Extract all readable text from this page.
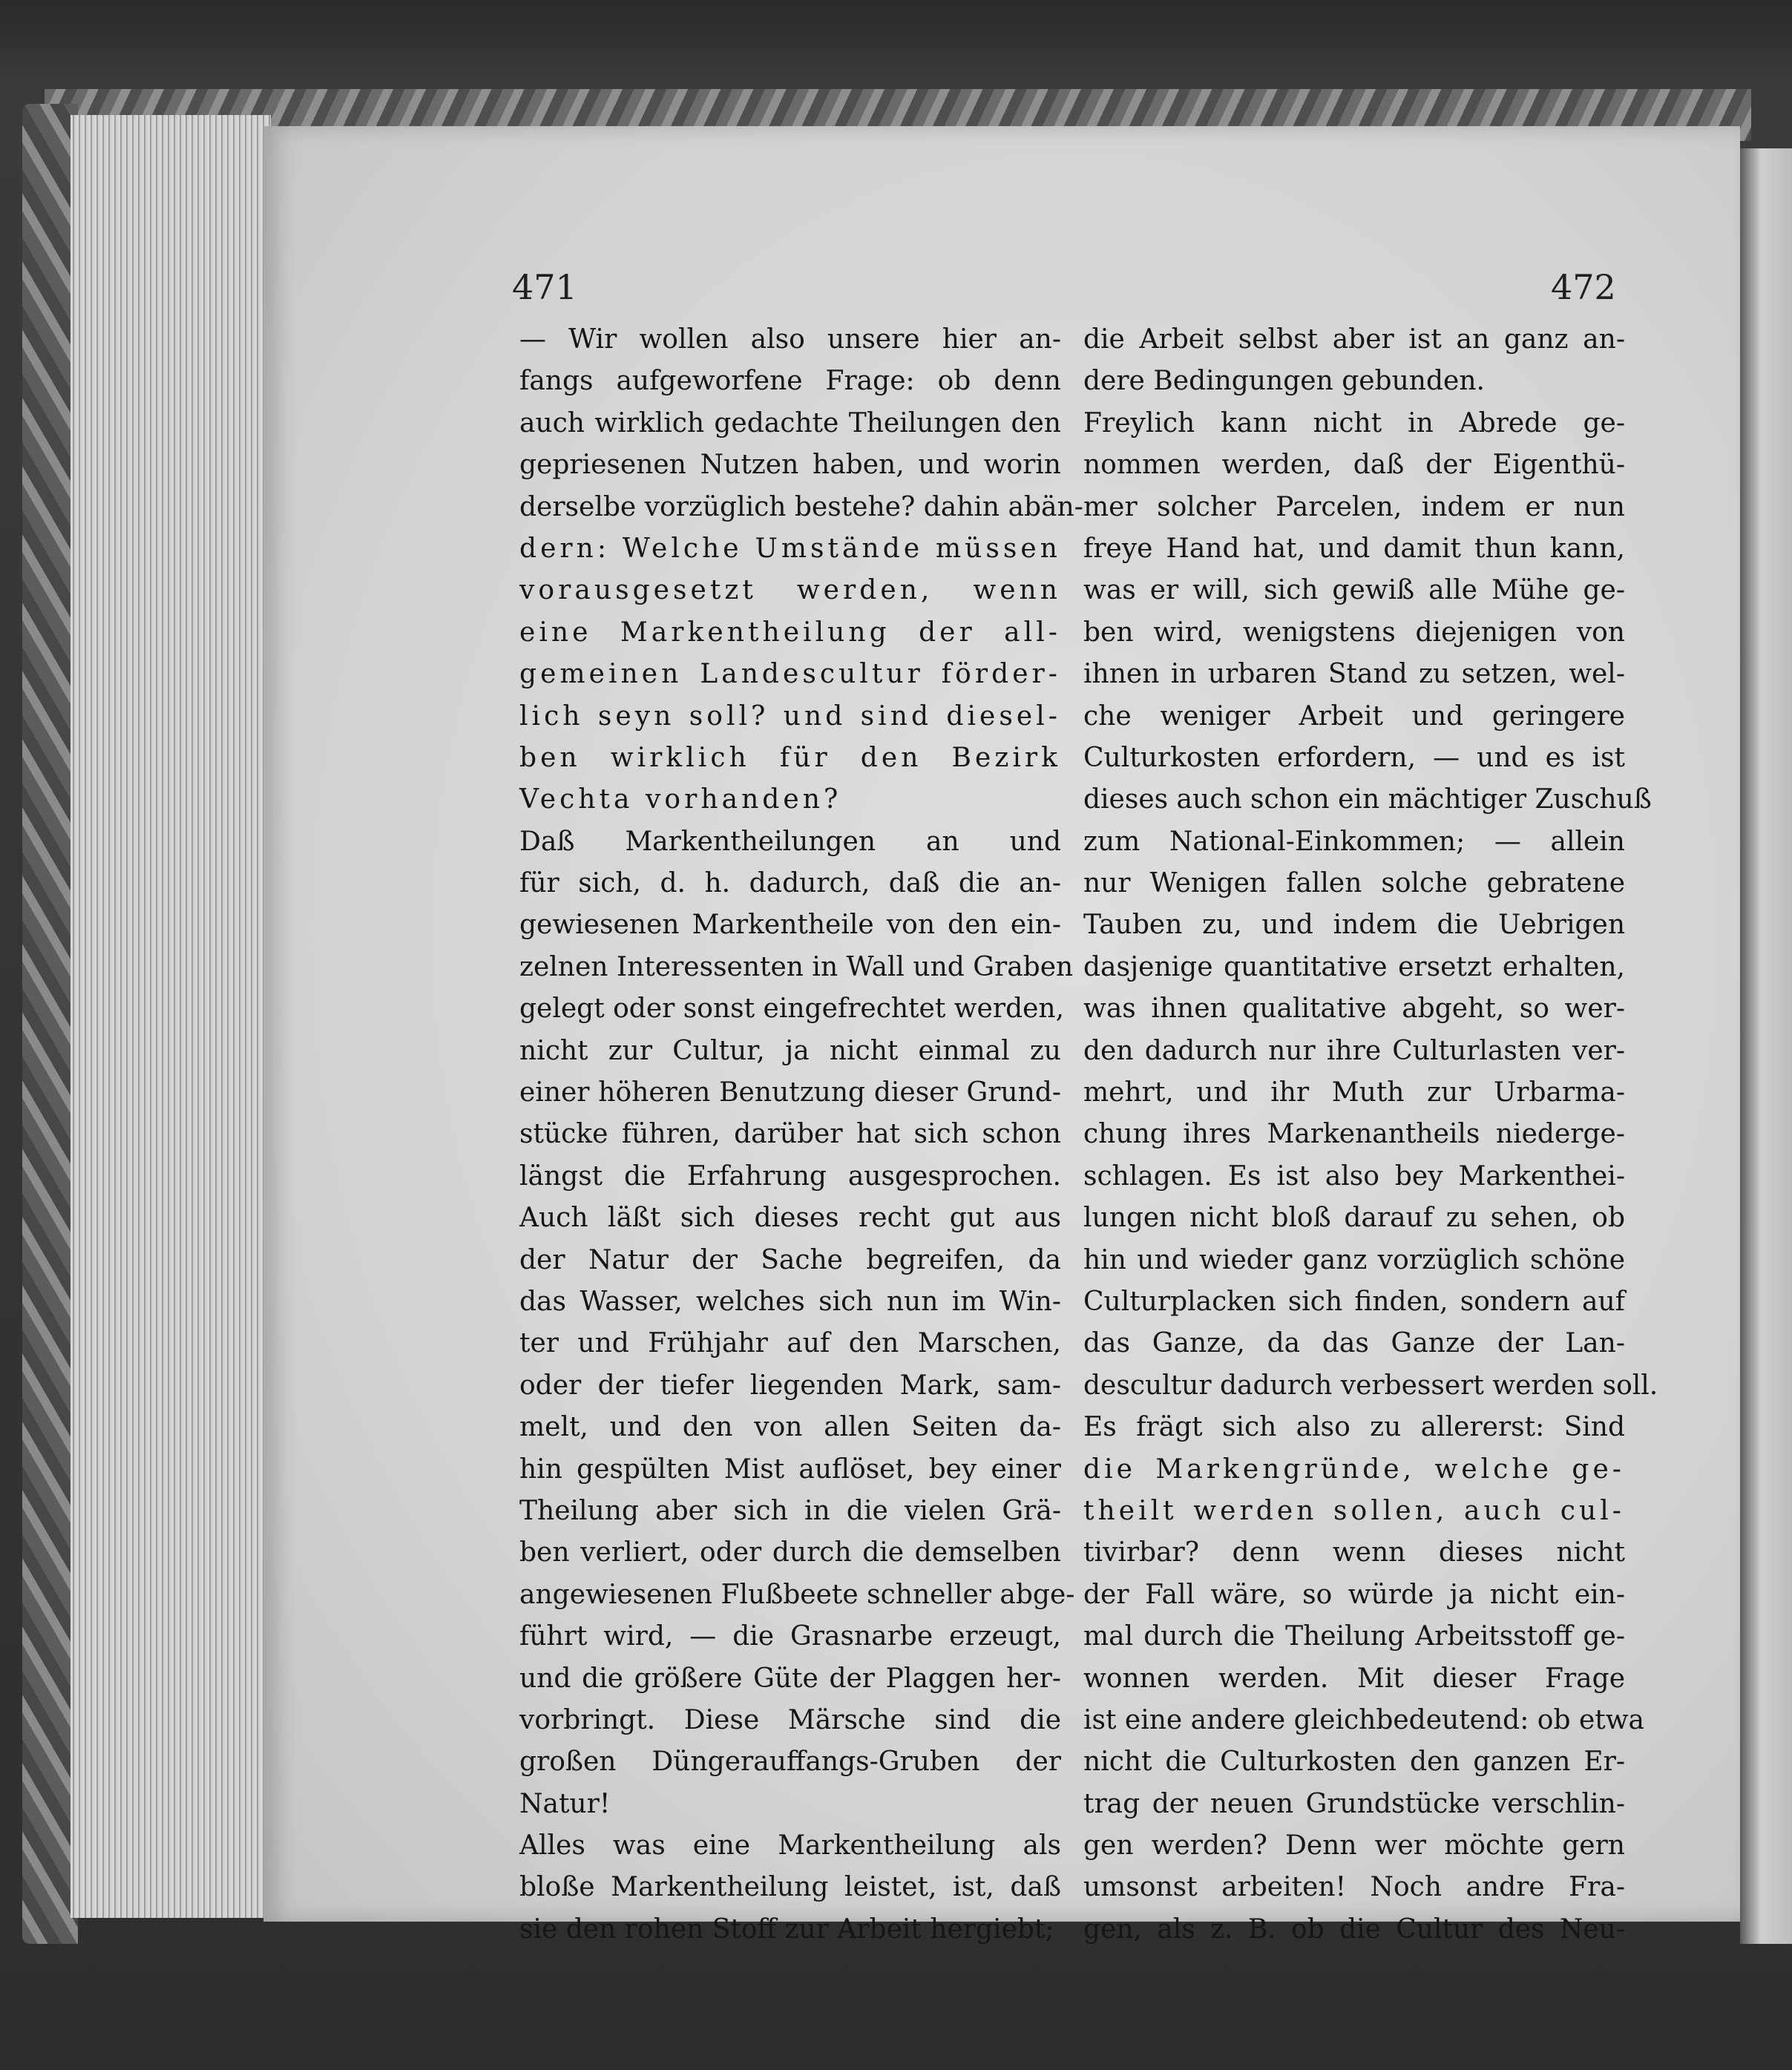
471	472
— Wir wollen also unsere hier an-
fangs aufgeworfene Frage: ob denn
auch wirklich gedachte Theilungen den
gepriesenen Nutzen haben, und worin
derselbe vorzüglich bestehe? dahin abän-
dern: Welche Umstände müssen
vorausgesetzt werden, wenn
eine Markentheilung der all-
gemeinen Landescultur förder-
lich seyn soll? und sind diesel-
ben wirklich für den Bezirk
Vechta vorhanden?
Daß Markentheilungen an und
für sich, d. h. dadurch, daß die an-
gewiesenen Markentheile von den ein-
zelnen Interessenten in Wall und Graben
gelegt oder sonst eingefrechtet werden,
nicht zur Cultur, ja nicht einmal zu
einer höheren Benutzung dieser Grund-
stücke führen, darüber hat sich schon
längst die Erfahrung ausgesprochen.
Auch läßt sich dieses recht gut aus
der Natur der Sache begreifen, da
das Wasser, welches sich nun im Win-
ter und Frühjahr auf den Marschen,
oder der tiefer liegenden Mark, sam-
melt, und den von allen Seiten da-
hin gespülten Mist auflöset, bey einer
Theilung aber sich in die vielen Grä-
ben verliert, oder durch die demselben
angewiesenen Flußbeete schneller abge-
führt wird, — die Grasnarbe erzeugt,
und die größere Güte der Plaggen her-
vorbringt. Diese Märsche sind die
großen Düngerauffangs-Gruben der
Natur!
Alles was eine Markentheilung als
bloße Markentheilung leistet, ist, daß
sie den rohen Stoff zur Arbeit hergiebt;
die Arbeit selbst aber ist an ganz an-
dere Bedingungen gebunden.
Freylich kann nicht in Abrede ge-
nommen werden, daß der Eigenthü-
mer solcher Parcelen, indem er nun
freye Hand hat, und damit thun kann,
was er will, sich gewiß alle Mühe ge-
ben wird, wenigstens diejenigen von
ihnen in urbaren Stand zu setzen, wel-
che weniger Arbeit und geringere
Culturkosten erfordern, — und es ist
dieses auch schon ein mächtiger Zuschuß
zum National-Einkommen; — allein
nur Wenigen fallen solche gebratene
Tauben zu, und indem die Uebrigen
dasjenige quantitative ersetzt erhalten,
was ihnen qualitative abgeht, so wer-
den dadurch nur ihre Culturlasten ver-
mehrt, und ihr Muth zur Urbarma-
chung ihres Markenantheils niederge-
schlagen. Es ist also bey Markenthei-
lungen nicht bloß darauf zu sehen, ob
hin und wieder ganz vorzüglich schöne
Culturplacken sich finden, sondern auf
das Ganze, da das Ganze der Lan-
descultur dadurch verbessert werden soll.
Es frägt sich also zu allererst: Sind
die Markengründe, welche ge-
theilt werden sollen, auch cul-
tivirbar? denn wenn dieses nicht
der Fall wäre, so würde ja nicht ein-
mal durch die Theilung Arbeitsstoff ge-
wonnen werden. Mit dieser Frage
ist eine andere gleichbedeutend: ob etwa
nicht die Culturkosten den ganzen Er-
trag der neuen Grundstücke verschlin-
gen werden? Denn wer möchte gern
umsonst arbeiten! Noch andre Fra-
gen, als z. B. ob die Cultur des Neu-
